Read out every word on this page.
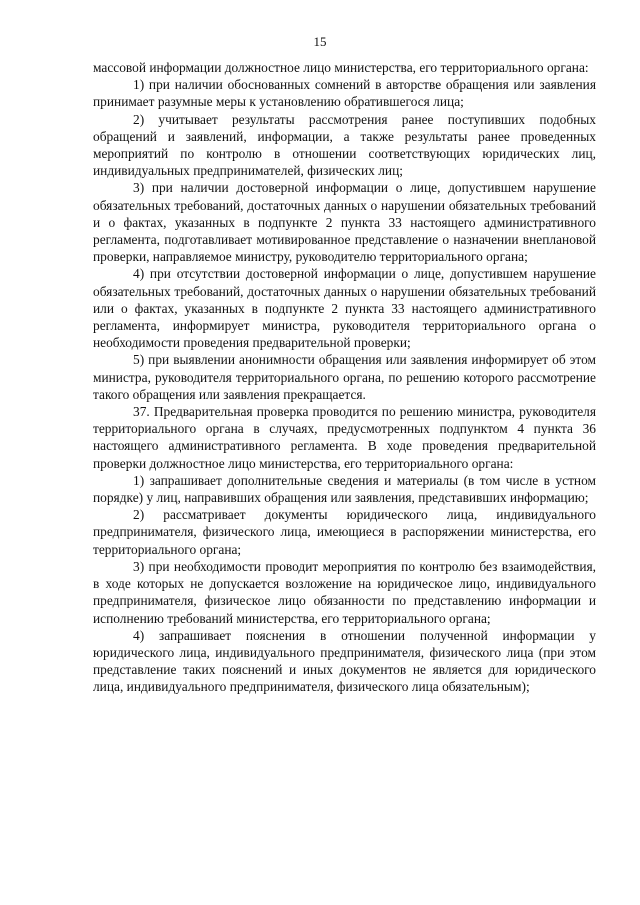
15

массовой информации должностное лицо министерства, его территориального органа:

1) при наличии обоснованных сомнений в авторстве обращения или заявления принимает разумные меры к установлению обратившегося лица;

2) учитывает результаты рассмотрения ранее поступивших подобных обращений и заявлений, информации, а также результаты ранее проведенных мероприятий по контролю в отношении соответствующих юридических лиц, индивидуальных предпринимателей, физических лиц;

3) при наличии достоверной информации о лице, допустившем нарушение обязательных требований, достаточных данных о нарушении обязательных требований и о фактах, указанных в подпункте 2 пункта 33 настоящего административного регламента, подготавливает мотивированное представление о назначении внеплановой проверки, направляемое министру, руководителю территориального органа;

4) при отсутствии достоверной информации о лице, допустившем нарушение обязательных требований, достаточных данных о нарушении обязательных требований или о фактах, указанных в подпункте 2 пункта 33 настоящего административного регламента, информирует министра, руководителя территориального органа о необходимости проведения предварительной проверки;

5) при выявлении анонимности обращения или заявления информирует об этом министра, руководителя территориального органа, по решению которого рассмотрение такого обращения или заявления прекращается.

37. Предварительная проверка проводится по решению министра, руководителя территориального органа в случаях, предусмотренных подпунктом 4 пункта 36 настоящего административного регламента. В ходе проведения предварительной проверки должностное лицо министерства, его территориального органа:

1) запрашивает дополнительные сведения и материалы (в том числе в устном порядке) у лиц, направивших обращения или заявления, представивших информацию;

2) рассматривает документы юридического лица, индивидуального предпринимателя, физического лица, имеющиеся в распоряжении министерства, его территориального органа;

3) при необходимости проводит мероприятия по контролю без взаимодействия, в ходе которых не допускается возложение на юридическое лицо, индивидуального предпринимателя, физическое лицо обязанности по представлению информации и исполнению требований министерства, его территориального органа;

4) запрашивает пояснения в отношении полученной информации у юридического лица, индивидуального предпринимателя, физического лица (при этом представление таких пояснений и иных документов не является для юридического лица, индивидуального предпринимателя, физического лица обязательным);
